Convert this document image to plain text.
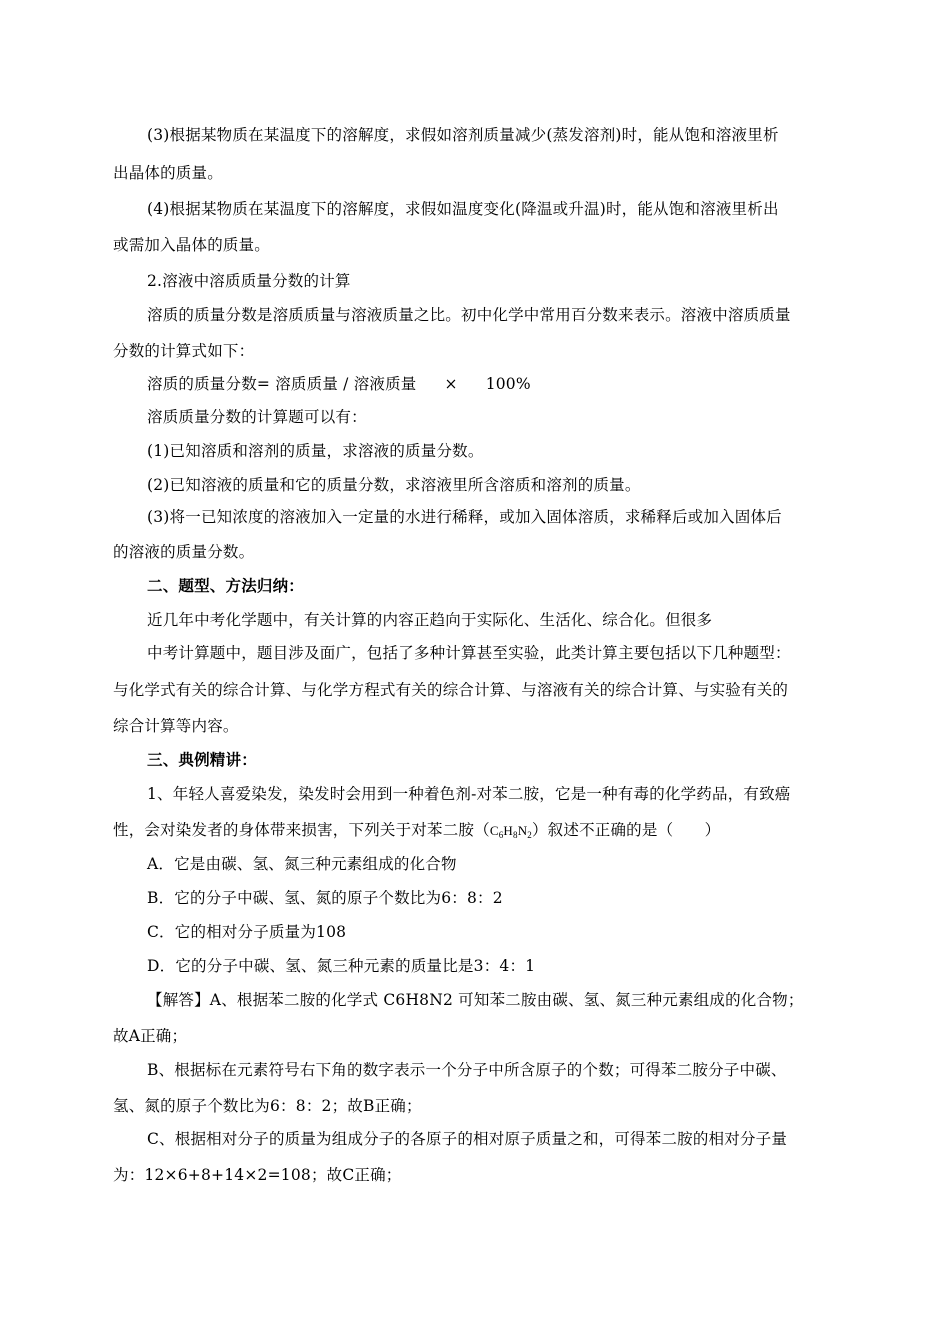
(3)根据某物质在某温度下的溶解度，求假如溶剂质量减少(蒸发溶剂)时，能从饱和溶液里析
出晶体的质量。
(4)根据某物质在某温度下的溶解度，求假如温度变化(降温或升温)时，能从饱和溶液里析出
或需加入晶体的质量。
2.溶液中溶质质量分数的计算
溶质的质量分数是溶质质量与溶液质量之比。初中化学中常用百分数来表示。溶液中溶质质量
分数的计算式如下：
溶质的质量分数= 溶质质量 / 溶液质量 × 100%
溶质质量分数的计算题可以有：
(1)已知溶质和溶剂的质量，求溶液的质量分数。
(2)已知溶液的质量和它的质量分数，求溶液里所含溶质和溶剂的质量。
(3)将一已知浓度的溶液加入一定量的水进行稀释，或加入固体溶质，求稀释后或加入固体后
的溶液的质量分数。
二、题型、方法归纳：
近几年中考化学题中，有关计算的内容正趋向于实际化、生活化、综合化。但很多
中考计算题中，题目涉及面广，包括了多种计算甚至实验，此类计算主要包括以下几种题型：
与化学式有关的综合计算、与化学方程式有关的综合计算、与溶液有关的综合计算、与实验有关的
综合计算等内容。
三、典例精讲：
1、年轻人喜爱染发，染发时会用到一种着色剂-对苯二胺，它是一种有毒的化学药品，有致癌
性，会对染发者的身体带来损害，下列关于对苯二胺$(C_6H_8N_2)$叙述不正确的是（　　）
A．它是由碳、氢、氮三种元素组成的化合物
B．它的分子中碳、氢、氮的原子个数比为6：8：2
C．它的相对分子质量为108
D．它的分子中碳、氢、氮三种元素的质量比是3：4：1
【解答】A、根据苯二胺的化学式 C6H8N2 可知苯二胺由碳、氢、氮三种元素组成的化合物；
故A正确；
B、根据标在元素符号右下角的数字表示一个分子中所含原子的个数；可得苯二胺分子中碳、
氢、氮的原子个数比为6：8：2；故B正确；
C、根据相对分子的质量为组成分子的各原子的相对原子质量之和，可得苯二胺的相对分子量
为：12×6+8+14×2=108；故C正确；
